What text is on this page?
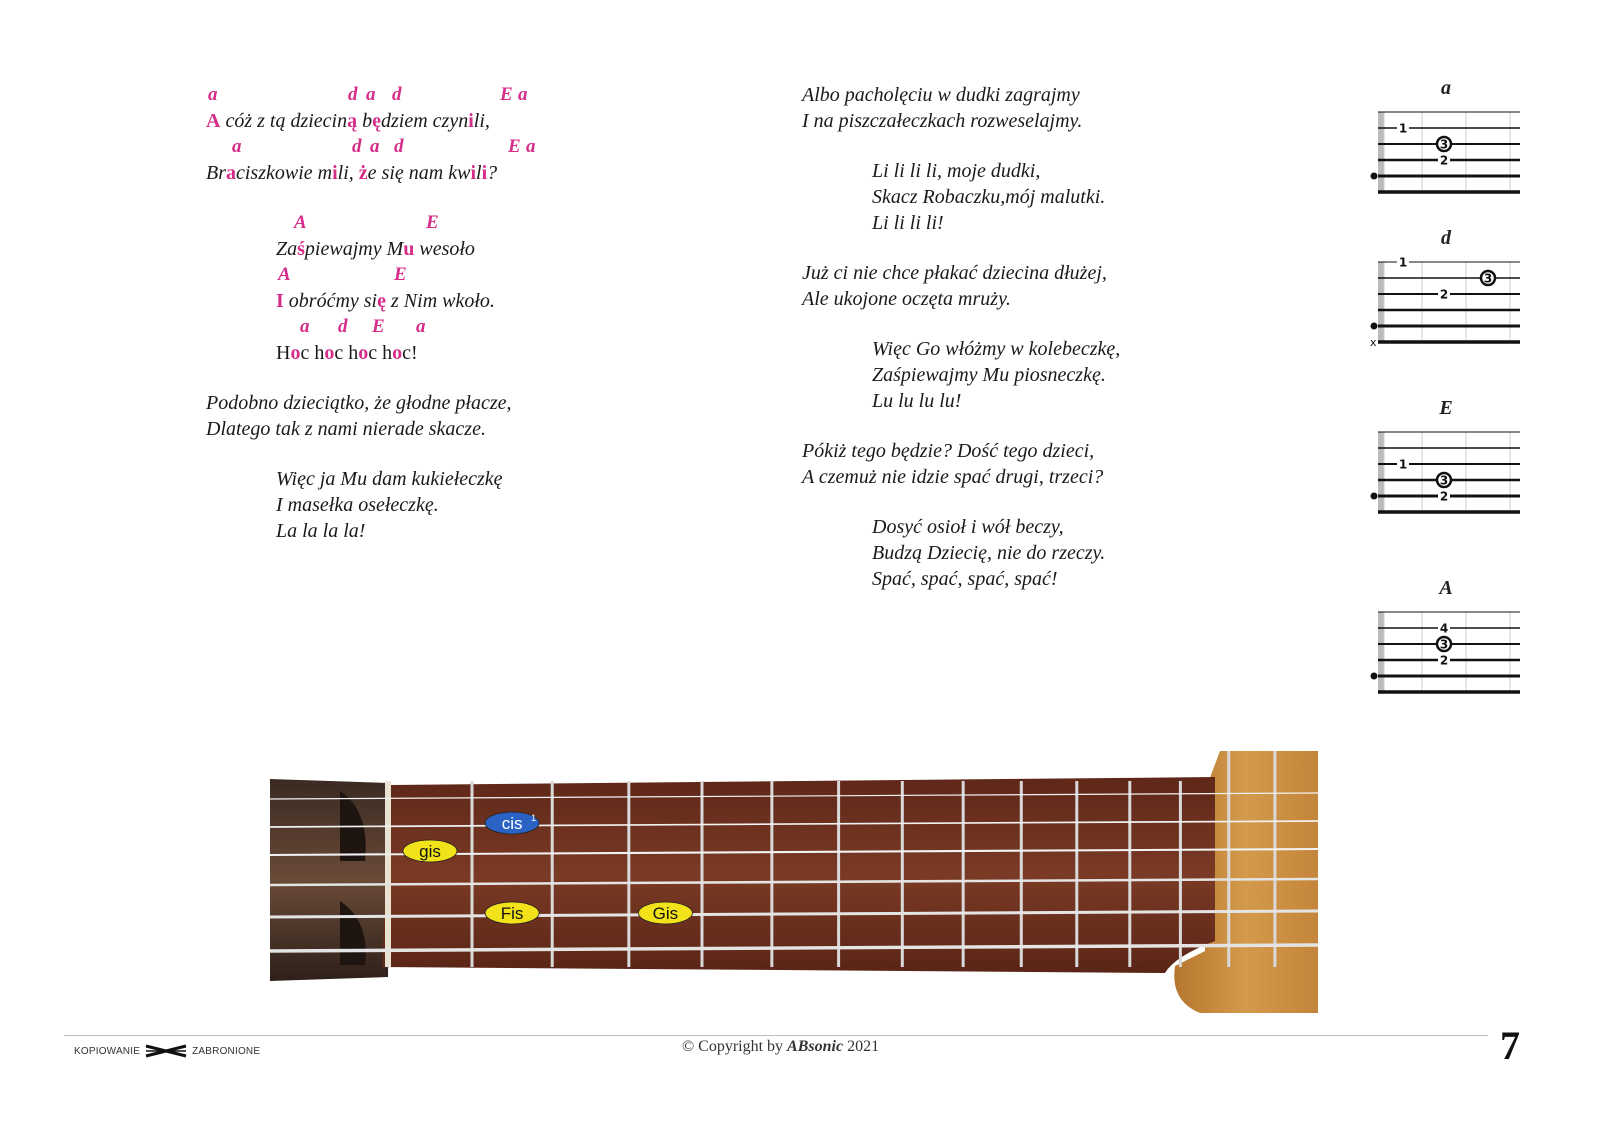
a

	d

a

d

	E

a

A cóż z tą dzieciną będziem czynili,

a

	d

a

d

	E

a

Braciszkowie mili, że się nam kwili?

A

	E

Zaśpiewajmy Mu wesoło

A

	E

I obróćmy się z Nim wkoło.

a

d

E

a

Hoc hoc hoc hoc!
Podobno dzieciątko, że głodne płacze,
Dlatego tak z nami nierade skacze.
Więc ja Mu dam kukiełeczkę
I masełka osełeczkę.
La la la la!
Albo pacholęciu w dudki zagrajmy
I na piszczałeczkach rozweselajmy.
Li li li li, moje dudki,
Skacz Robaczku,mój malutki.
Li li li li!
Już ci nie chce płakać dziecina dłużej,
Ale ukojone oczęta mruży.
Więc Go włóżmy w kolebeczkę,
Zaśpiewajmy Mu piosneczkę.
Lu lu lu lu!
Pókiż tego będzie? Dość tego dzieci,
A czemuż nie idzie spać drugi, trzeci?
Dosyć osioł i wół beczy,
Budzą Dziecię, nie do rzeczy.
Spać, spać, spać, spać!
a
1
3
2
d
x
1
3
2
E
1
3
2
A
4
3
2
cis 1
gis
Fis	Gis
KOPIOWANIE	ZABRONIONE	© Copyright by ABsonic 2021	7
